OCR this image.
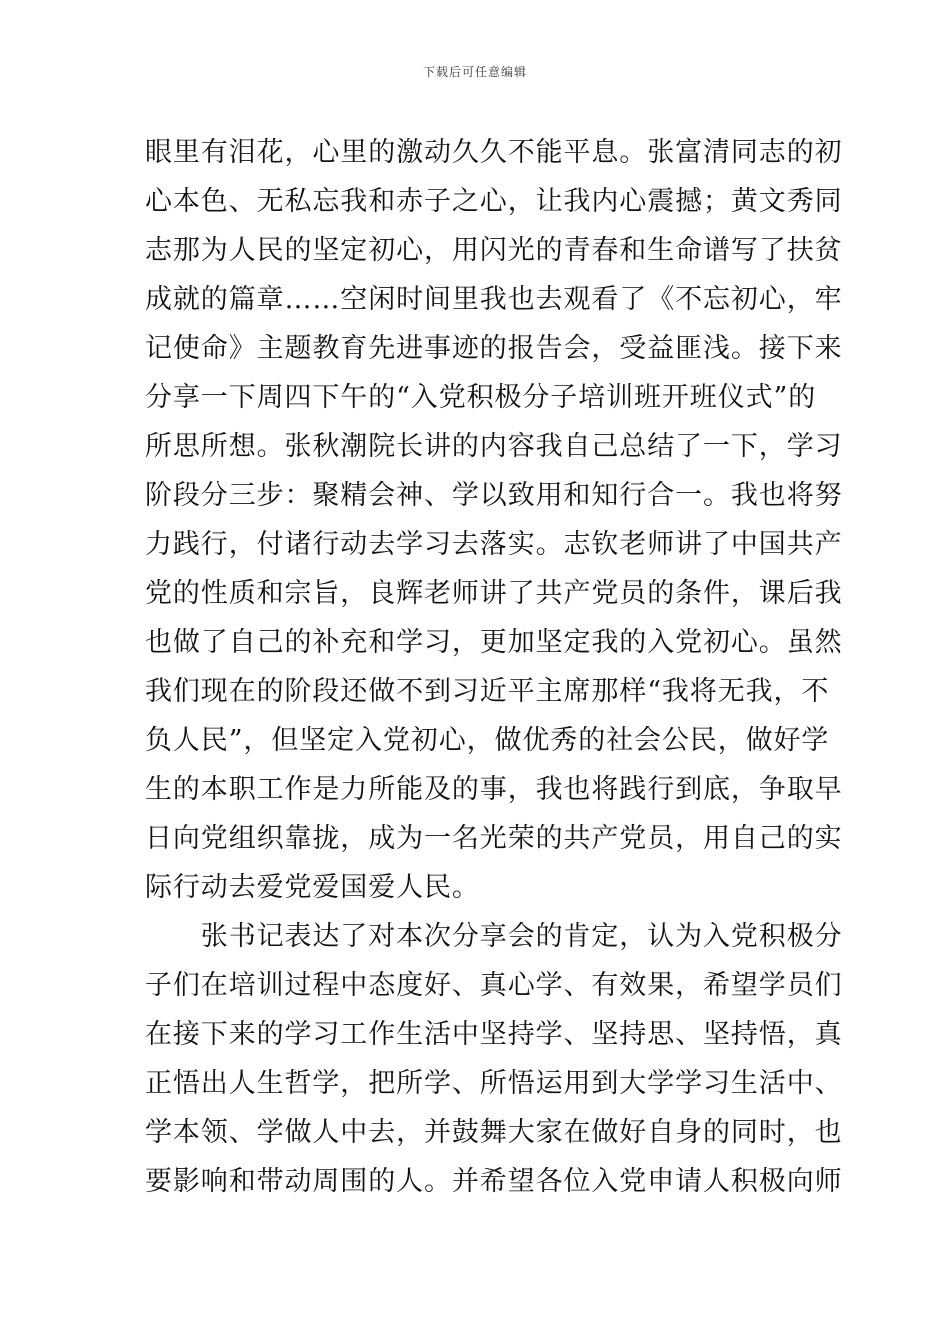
下载后可任意编辑
眼里有泪花，心里的激动久久不能平息。张富清同志的初
心本色、无私忘我和赤子之心，让我内心震撼；黄文秀同
志那为人民的坚定初心，用闪光的青春和生命谱写了扶贫
成就的篇章……空闲时间里我也去观看了《不忘初心，牢
记使命》主题教育先进事迹的报告会，受益匪浅。接下来
分享一下周四下午的“入党积极分子培训班开班仪式”的
所思所想。张秋潮院长讲的内容我自己总结了一下，学习
阶段分三步：聚精会神、学以致用和知行合一。我也将努
力践行，付诸行动去学习去落实。志钦老师讲了中国共产
党的性质和宗旨，良辉老师讲了共产党员的条件，课后我
也做了自己的补充和学习，更加坚定我的入党初心。虽然
我们现在的阶段还做不到习近平主席那样“我将无我，不
负人民”，但坚定入党初心，做优秀的社会公民，做好学
生的本职工作是力所能及的事，我也将践行到底，争取早
日向党组织靠拢，成为一名光荣的共产党员，用自己的实
际行动去爱党爱国爱人民。
　　张书记表达了对本次分享会的肯定，认为入党积极分
子们在培训过程中态度好、真心学、有效果，希望学员们
在接下来的学习工作生活中坚持学、坚持思、坚持悟，真
正悟出人生哲学，把所学、所悟运用到大学学习生活中、
学本领、学做人中去，并鼓舞大家在做好自身的同时，也
要影响和带动周围的人。并希望各位入党申请人积极向师
